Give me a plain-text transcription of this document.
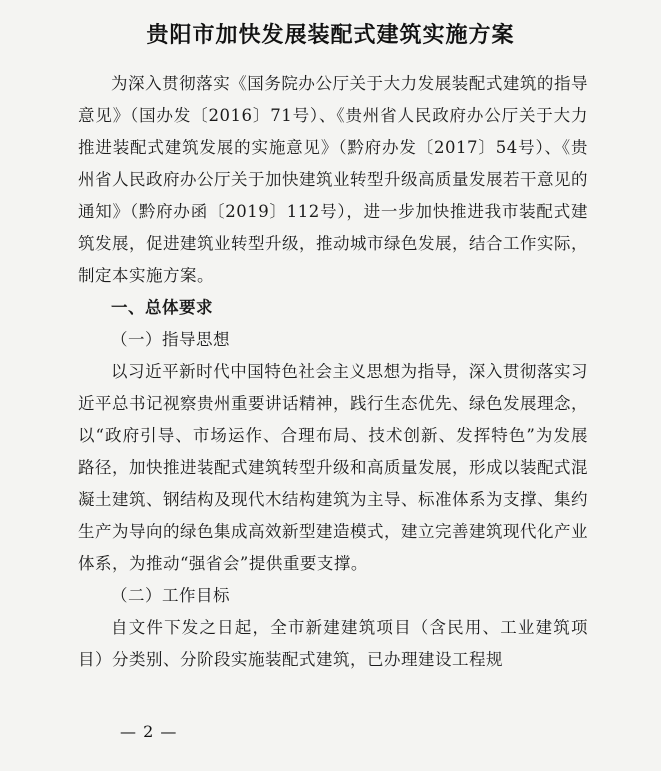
贵阳市加快发展装配式建筑实施方案

为深入贯彻落实《国务院办公厅关于大力发展装配式建筑的指导意见》（国办发〔2016〕71号）、《贵州省人民政府办公厅关于大力推进装配式建筑发展的实施意见》（黔府办发〔2017〕54号）、《贵州省人民政府办公厅关于加快建筑业转型升级高质量发展若干意见的通知》（黔府办函〔2019〕112号），进一步加快推进我市装配式建筑发展，促进建筑业转型升级，推动城市绿色发展，结合工作实际，制定本实施方案。

一、总体要求

（一）指导思想

以习近平新时代中国特色社会主义思想为指导，深入贯彻落实习近平总书记视察贵州重要讲话精神，践行生态优先、绿色发展理念，以“政府引导、市场运作、合理布局、技术创新、发挥特色”为发展路径，加快推进装配式建筑转型升级和高质量发展，形成以装配式混凝土建筑、钢结构及现代木结构建筑为主导、标准体系为支撑、集约生产为导向的绿色集成高效新型建造模式，建立完善建筑现代化产业体系，为推动“强省会”提供重要支撑。

（二）工作目标

自文件下发之日起，全市新建建筑项目（含民用、工业建筑项目）分类别、分阶段实施装配式建筑，已办理建设工程规

— 2 —
